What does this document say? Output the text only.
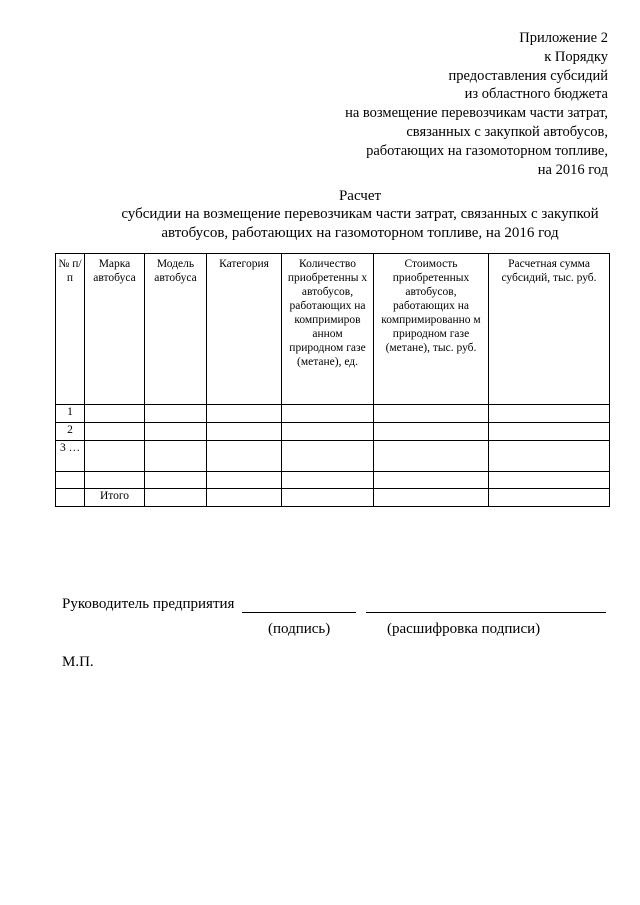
Приложение 2
к Порядку
предоставления субсидий
из областного бюджета
на возмещение перевозчикам части затрат,
связанных с закупкой автобусов,
работающих на газомоторном топливе,
на 2016 год
Расчет
субсидии на возмещение перевозчикам части затрат, связанных с закупкой
автобусов, работающих на газомоторном топливе, на 2016 год
№ п/ п	Марка автобуса	Модель автобуса	Категория	Количество приобретенны х автобусов, работающих на компримиров анном природном газе (метане), ед.	Стоимость приобретенных автобусов, работающих на компримированно м природном газе (метане), тыс. руб.	Расчетная сумма субсидий, тыс. руб.
1						
2						
3 …						

	Итого					
Руководитель предприятия
(подпись)	(расшифровка подписи)
М.П.
